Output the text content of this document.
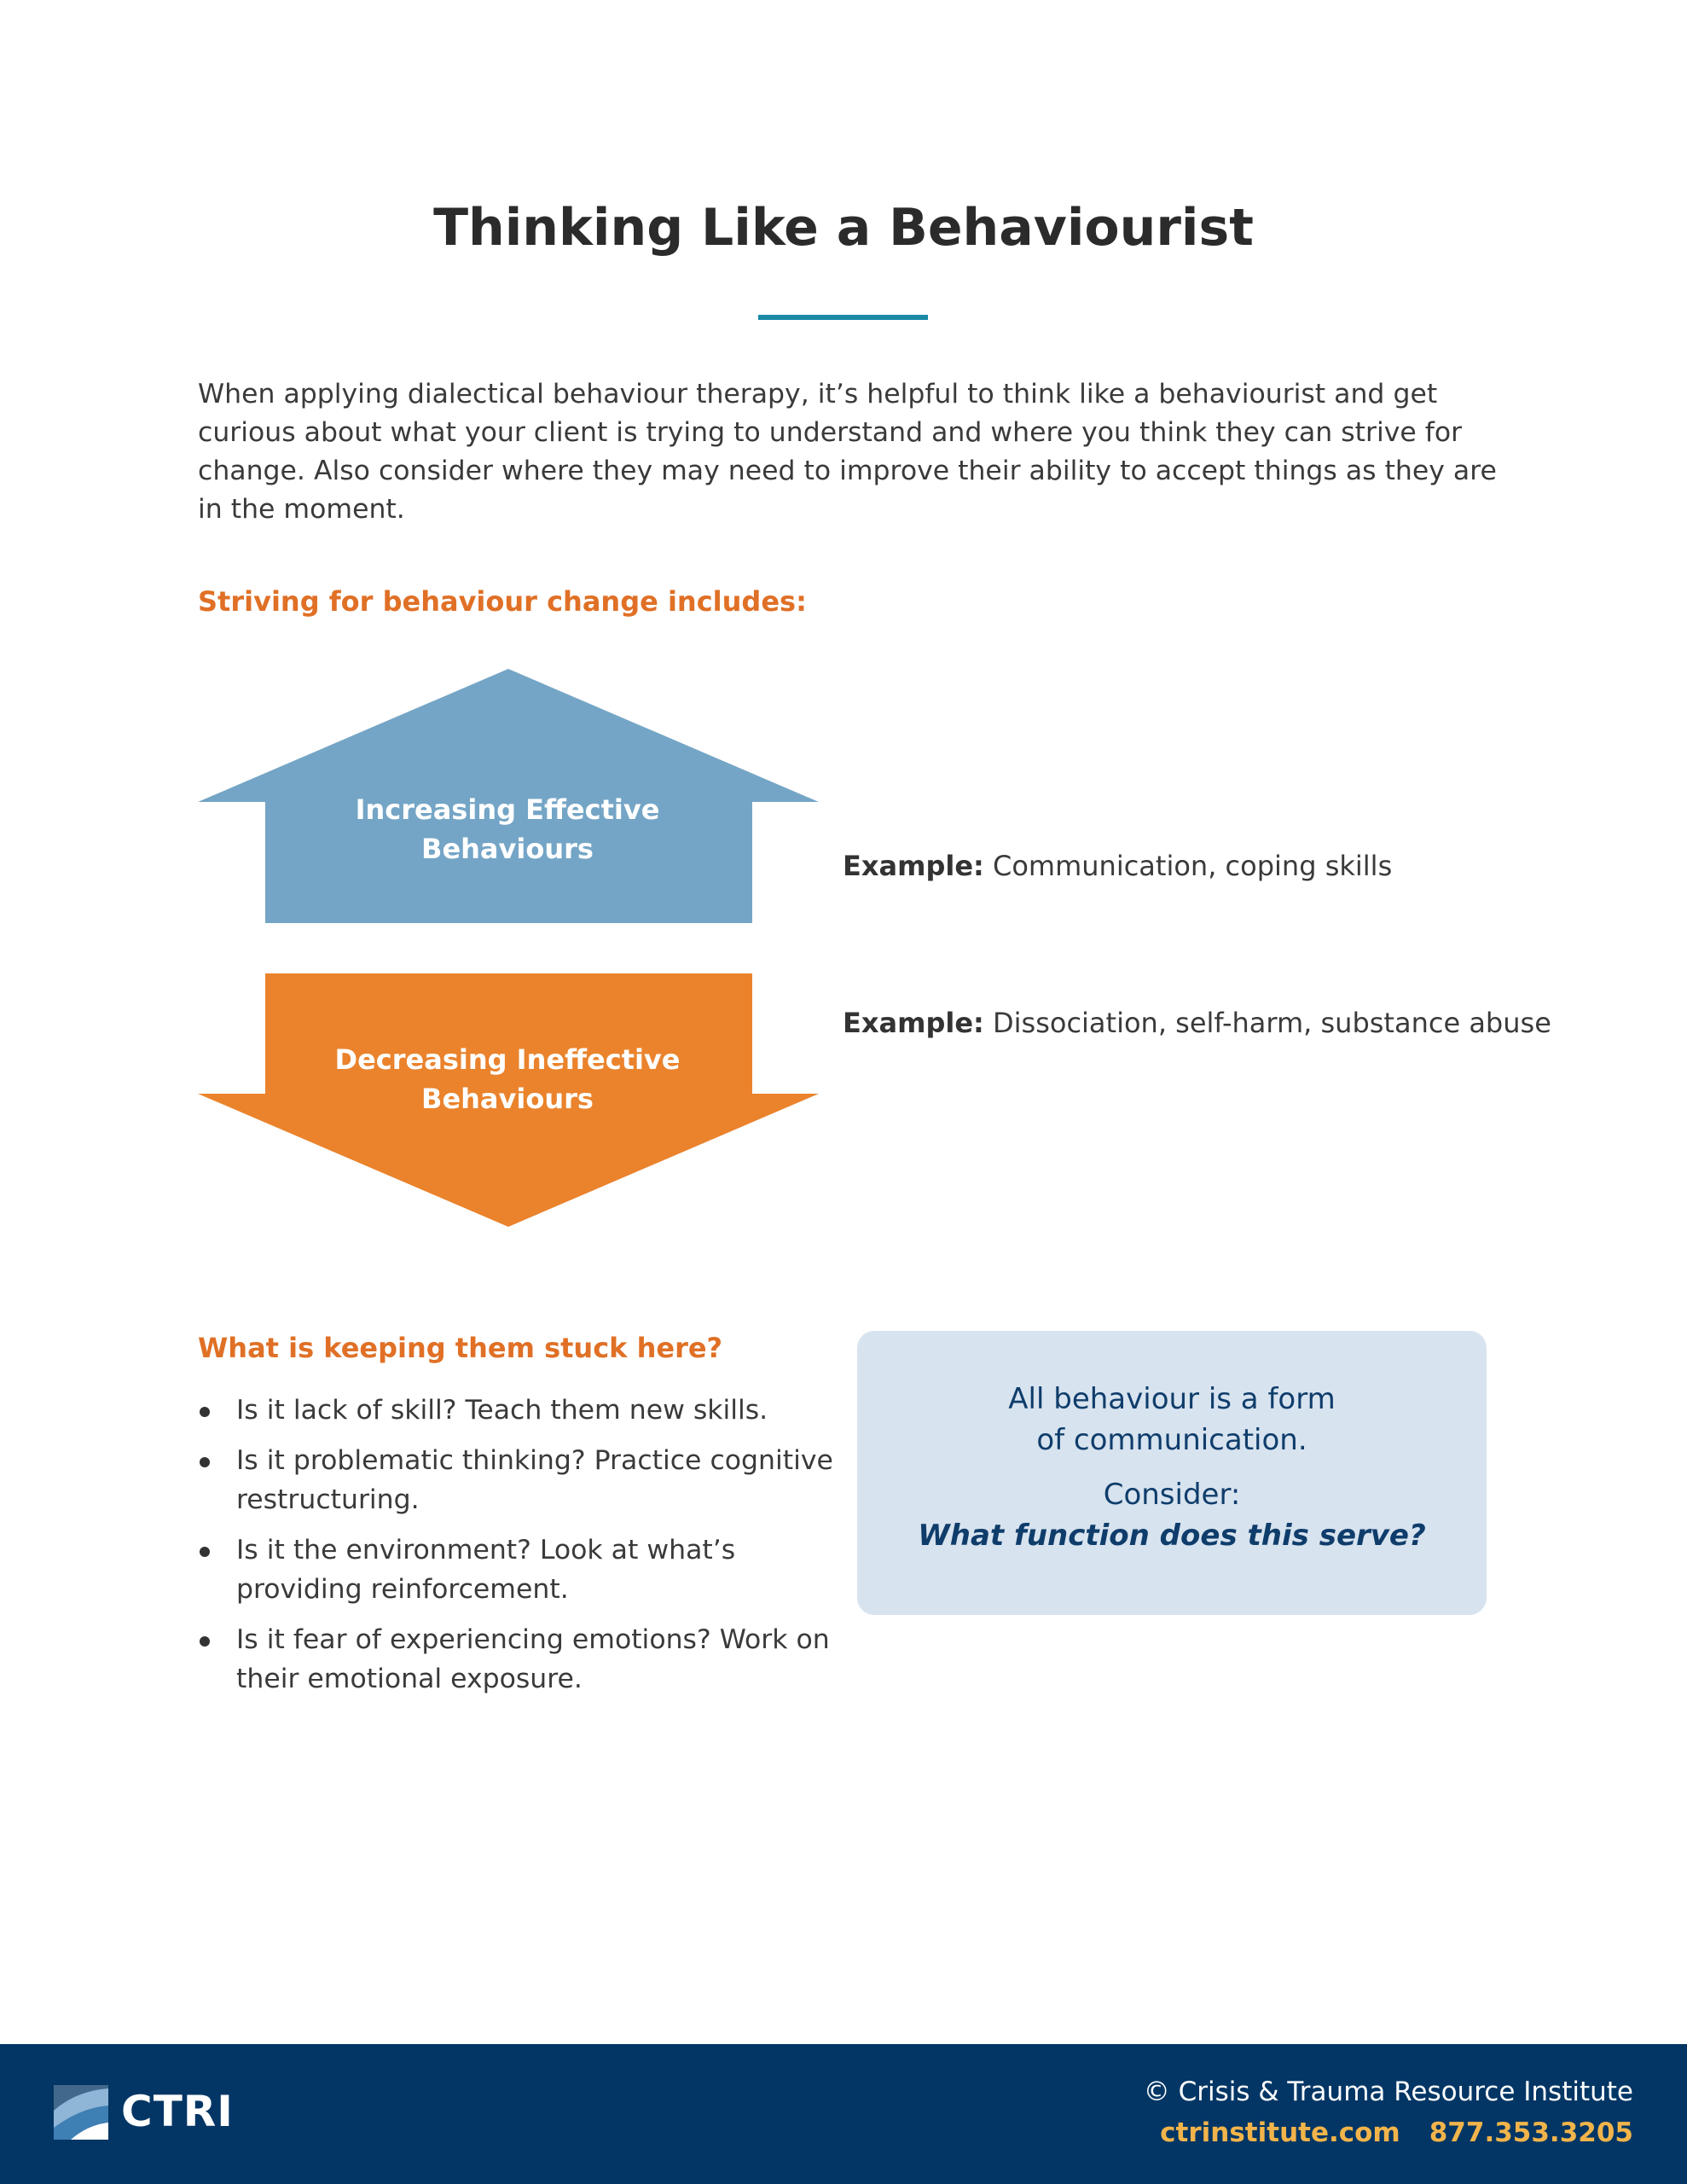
Thinking Like a Behaviourist

When applying dialectical behaviour therapy, it’s helpful to think like a behaviourist and get curious about what your client is trying to understand and where you think they can strive for change. Also consider where they may need to improve their ability to accept things as they are in the moment.

Striving for behaviour change includes:
Increasing Effective
Behaviours
Example: Communication, coping skills
Decreasing Ineffective
Behaviours
Example: Dissociation, self-harm, substance abuse
What is keeping them stuck here?
Is it lack of skill? Teach them new skills.
Is it problematic thinking? Practice cognitive restructuring.
Is it the environment? Look at what’s providing reinforcement.
Is it fear of experiencing emotions? Work on their emotional exposure.
All behaviour is a form
of communication.
Consider:
What function does this serve?
CTRI	© Crisis & Trauma Resource Institute
ctrinstitute.com 877.353.3205
